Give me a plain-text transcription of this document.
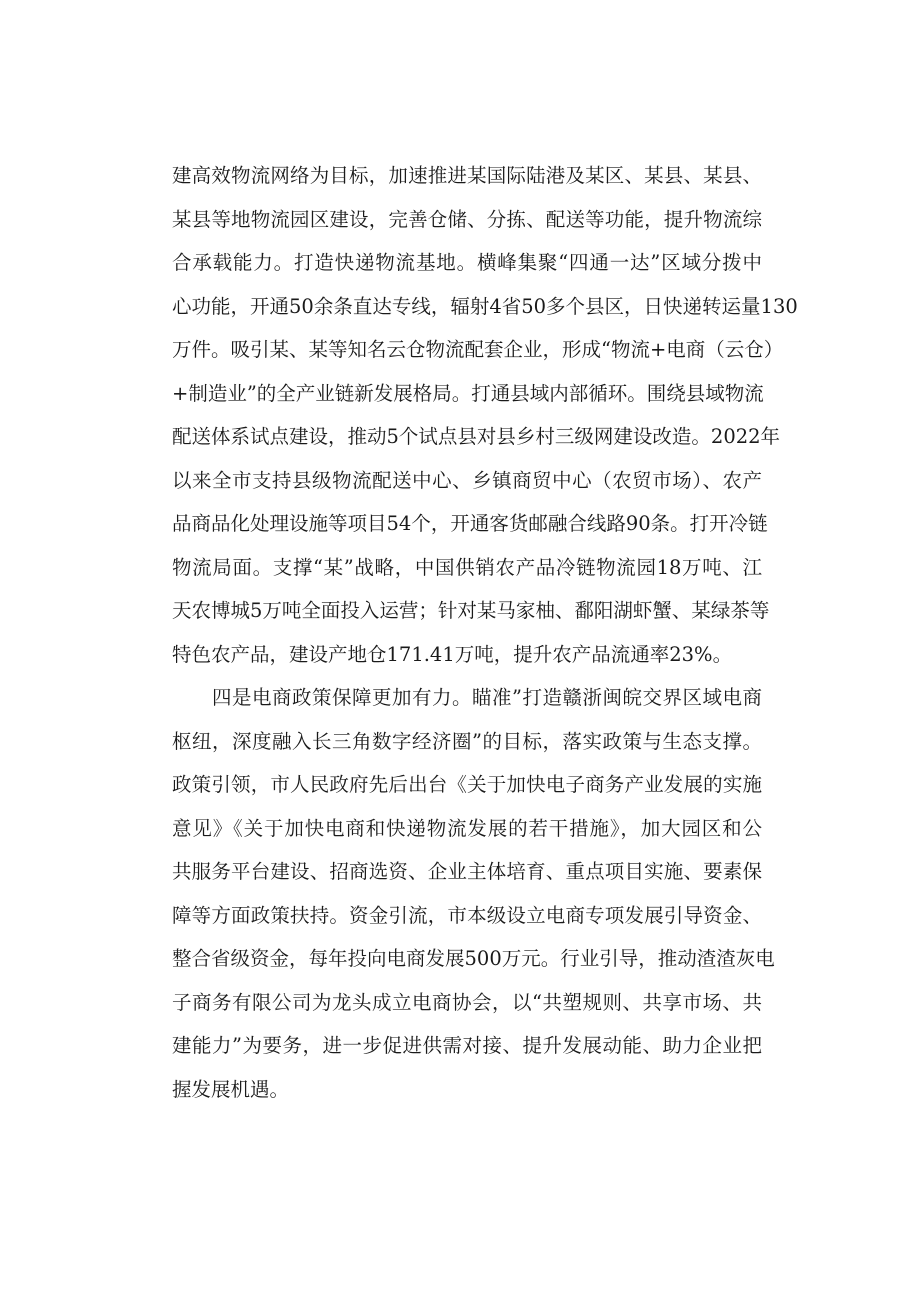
建高效物流网络为目标，加速推进某国际陆港及某区、某县、某县、
某县等地物流园区建设，完善仓储、分拣、配送等功能，提升物流综
合承载能力。打造快递物流基地。横峰集聚“四通一达”区域分拨中
心功能，开通50余条直达专线，辐射4省50多个县区，日快递转运量130
万件。吸引某、某等知名云仓物流配套企业，形成“物流+电商（云仓）
+制造业”的全产业链新发展格局。打通县域内部循环。围绕县域物流
配送体系试点建设，推动5个试点县对县乡村三级网建设改造。2022年
以来全市支持县级物流配送中心、乡镇商贸中心（农贸市场）、农产
品商品化处理设施等项目54个，开通客货邮融合线路90条。打开冷链
物流局面。支撑“某”战略，中国供销农产品冷链物流园18万吨、江
天农博城5万吨全面投入运营；针对某马家柚、鄱阳湖虾蟹、某绿茶等
特色农产品，建设产地仓171.41万吨，提升农产品流通率23%。
四是电商政策保障更加有力。瞄准”打造赣浙闽皖交界区域电商
枢纽，深度融入长三角数字经济圈”的目标，落实政策与生态支撑。
政策引领，市人民政府先后出台《关于加快电子商务产业发展的实施
意见》《关于加快电商和快递物流发展的若干措施》，加大园区和公
共服务平台建设、招商选资、企业主体培育、重点项目实施、要素保
障等方面政策扶持。资金引流，市本级设立电商专项发展引导资金、
整合省级资金，每年投向电商发展500万元。行业引导，推动渣渣灰电
子商务有限公司为龙头成立电商协会，以“共塑规则、共享市场、共
建能力”为要务，进一步促进供需对接、提升发展动能、助力企业把
握发展机遇。
